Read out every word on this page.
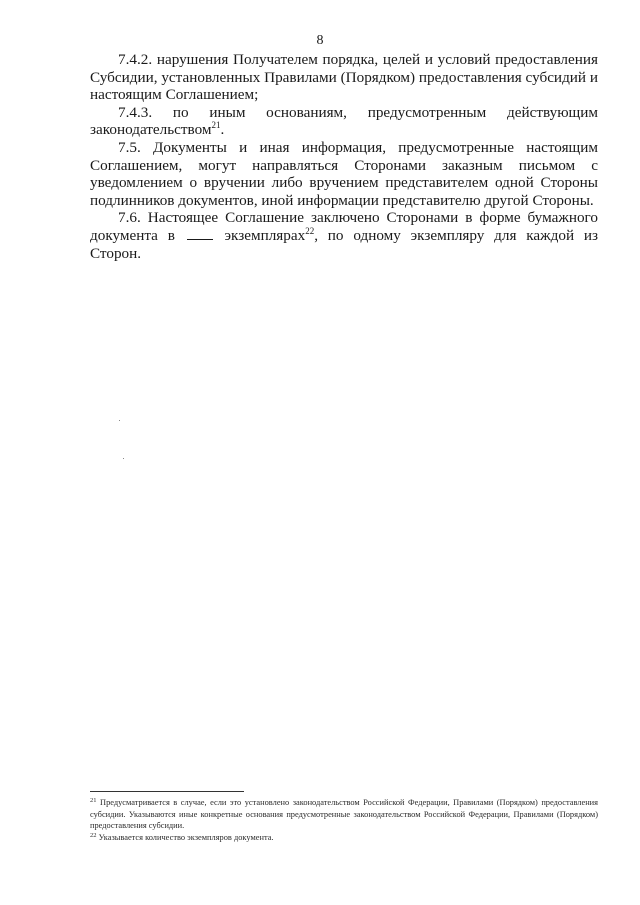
8

7.4.2. нарушения Получателем порядка, целей и условий предоставления Субсидии, установленных Правилами (Порядком) предоставления субсидий и настоящим Соглашением;

7.4.3. по иным основаниям, предусмотренным действующим законодательством$^{21}$.

7.5. Документы и иная информация, предусмотренные настоящим Соглашением, могут направляться Сторонами заказным письмом с уведомлением о вручении либо вручением представителем одной Стороны подлинников документов, иной информации представителю другой Стороны.

7.6. Настоящее Соглашение заключено Сторонами в форме бумажного документа в	экземплярах$^{22}$, по одному экземпляру для каждой из Сторон.

$^{21}$ Предусматривается в случае, если это установлено законодательством Российской Федерации, Правилами (Порядком) предоставления субсидии. Указываются иные конкретные основания предусмотренные законодательством Российской Федерации, Правилами (Порядком) предоставления субсидии.

$^{22}$ Указывается количество экземпляров документа.
